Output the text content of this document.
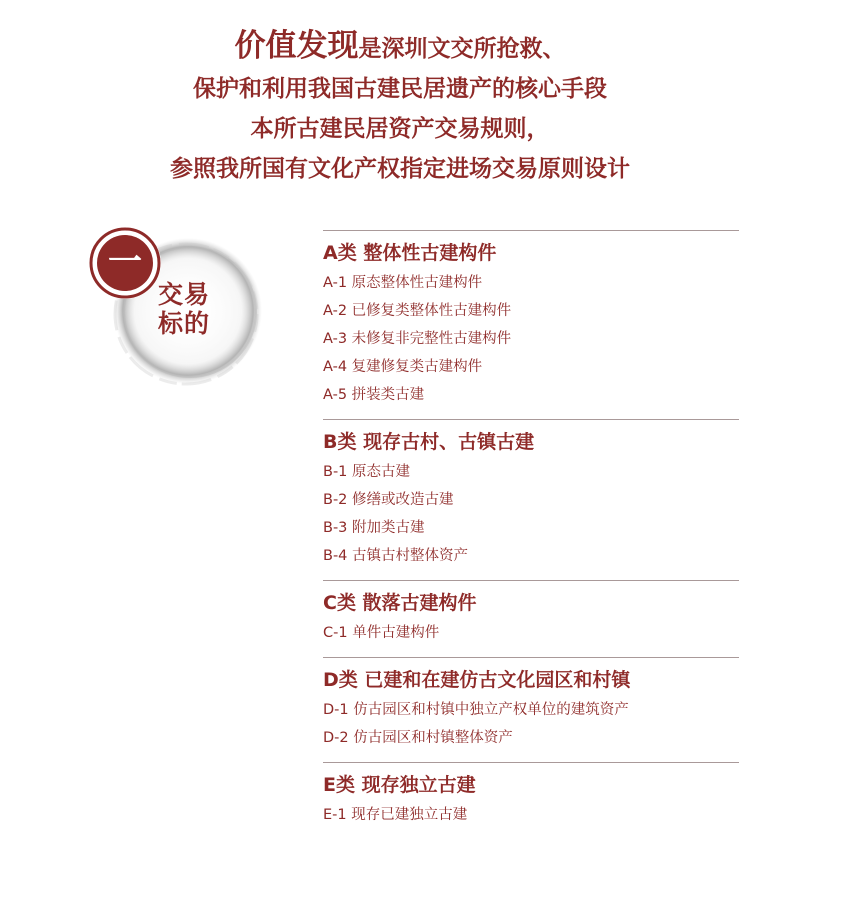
价值发现是深圳文交所抢救、
保护和利用我国古建民居遗产的核心手段
本所古建民居资产交易规则，
参照我所国有文化产权指定进场交易原则设计
一
交易
标的
A类 整体性古建构件
A-1 原态整体性古建构件
A-2 已修复类整体性古建构件
A-3 未修复非完整性古建构件
A-4 复建修复类古建构件
A-5 拼装类古建
B类 现存古村、古镇古建
B-1 原态古建
B-2 修缮或改造古建
B-3 附加类古建
B-4 古镇古村整体资产
C类 散落古建构件
C-1 单件古建构件
D类 已建和在建仿古文化园区和村镇
D-1 仿古园区和村镇中独立产权单位的建筑资产
D-2 仿古园区和村镇整体资产
E类 现存独立古建
E-1 现存已建独立古建
